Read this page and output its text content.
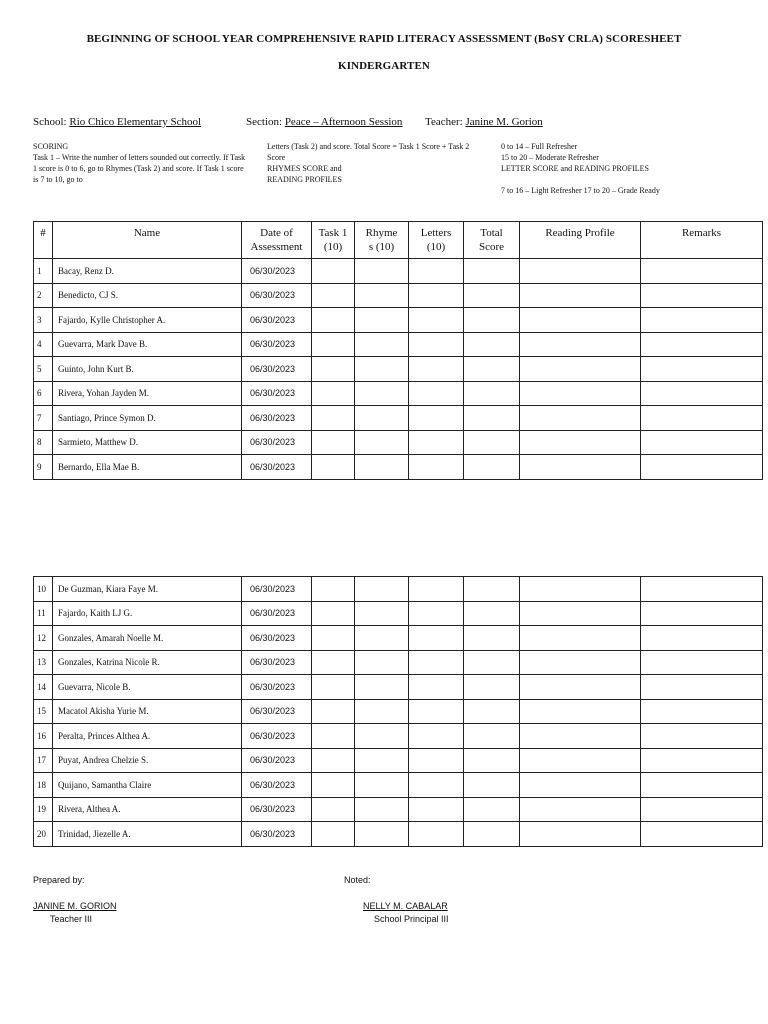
BEGINNING OF SCHOOL YEAR COMPREHENSIVE RAPID LITERACY ASSESSMENT (BoSY CRLA) SCORESHEET
KINDERGARTEN
School: Rio Chico Elementary School	Section: Peace – Afternoon Session Teacher: Janine M. Gorion
SCORING
Task 1 – Write the number of letters sounded out correctly. If Task
1 score is 0 to 6, go to Rhymes (Task 2) and score. If Task 1 score
is 7 to 10, go to
Letters (Task 2) and score. Total Score = Task 1 Score + Task 2
Score
RHYMES SCORE and
READING PROFILES
0 to 14 – Full Refresher
15 to 20 – Moderate Refresher
LETTER SCORE and READING PROFILES

7 to 16 – Light Refresher 17 to 20 – Grade Ready
#	Name	Date of
Assessment	Task 1
(10)	Rhyme
s (10)	Letters
(10)	Total
Score	Reading Profile	Remarks
1	Bacay, Renz D.	06/30/2023						
2	Benedicto, CJ S.	06/30/2023						
3	Fajardo, Kylle Christopher A.	06/30/2023						
4	Guevarra, Mark Dave B.	06/30/2023						
5	Guinto, John Kurt B.	06/30/2023						
6	Rivera, Yohan Jayden M.	06/30/2023						
7	Santiago, Prince Symon D.	06/30/2023						
8	Sarmieto, Matthew D.	06/30/2023						
9	Bernardo, Ella Mae B.	06/30/2023						
10	De Guzman, Kiara Faye M.	06/30/2023						
11	Fajardo, Kaith LJ G.	06/30/2023						
12	Gonzales, Amarah Noelle M.	06/30/2023						
13	Gonzales, Katrina Nicole R.	06/30/2023						
14	Guevarra, Nicole B.	06/30/2023						
15	Macatol Akisha Yurie M.	06/30/2023						
16	Peralta, Princes Althea A.	06/30/2023						
17	Puyat, Andrea Chelzie S.	06/30/2023						
18	Quijano, Samantha Claire	06/30/2023						
19	Rivera, Althea A.	06/30/2023						
20	Trinidad, Jiezelle A.	06/30/2023						
Prepared by:	Noted:
JANINE M. GORION
Teacher III
NELLY M. CABALAR
School Principal III
